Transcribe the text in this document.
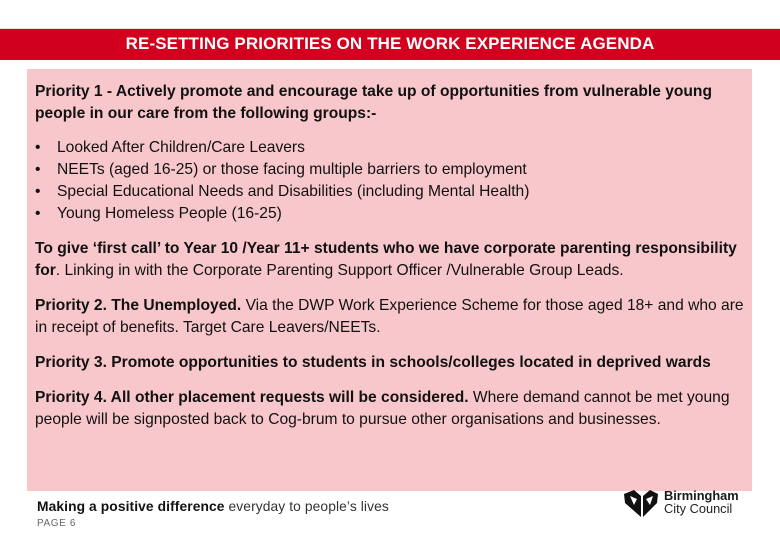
RE-SETTING PRIORITIES ON THE WORK EXPERIENCE AGENDA

Priority 1 - Actively promote and encourage take up of opportunities from vulnerable young people in our care from the following groups:-

• Looked After Children/Care Leavers
• NEETs (aged 16-25) or those facing multiple barriers to employment
• Special Educational Needs and Disabilities (including Mental Health)
• Young Homeless People (16-25)

To give ‘first call’ to Year 10 /Year 11+ students who we have corporate parenting responsibility for. Linking in with the Corporate Parenting Support Officer /Vulnerable Group Leads.

Priority 2. The Unemployed. Via the DWP Work Experience Scheme for those aged 18+ and who are in receipt of benefits. Target Care Leavers/NEETs.

Priority 3. Promote opportunities to students in schools/colleges located in deprived wards

Priority 4. All other placement requests will be considered. Where demand cannot be met young people will be signposted back to Cog-brum to pursue other organisations and businesses.

Making a positive difference everyday to people’s lives
PAGE 6
Birmingham
City Council
